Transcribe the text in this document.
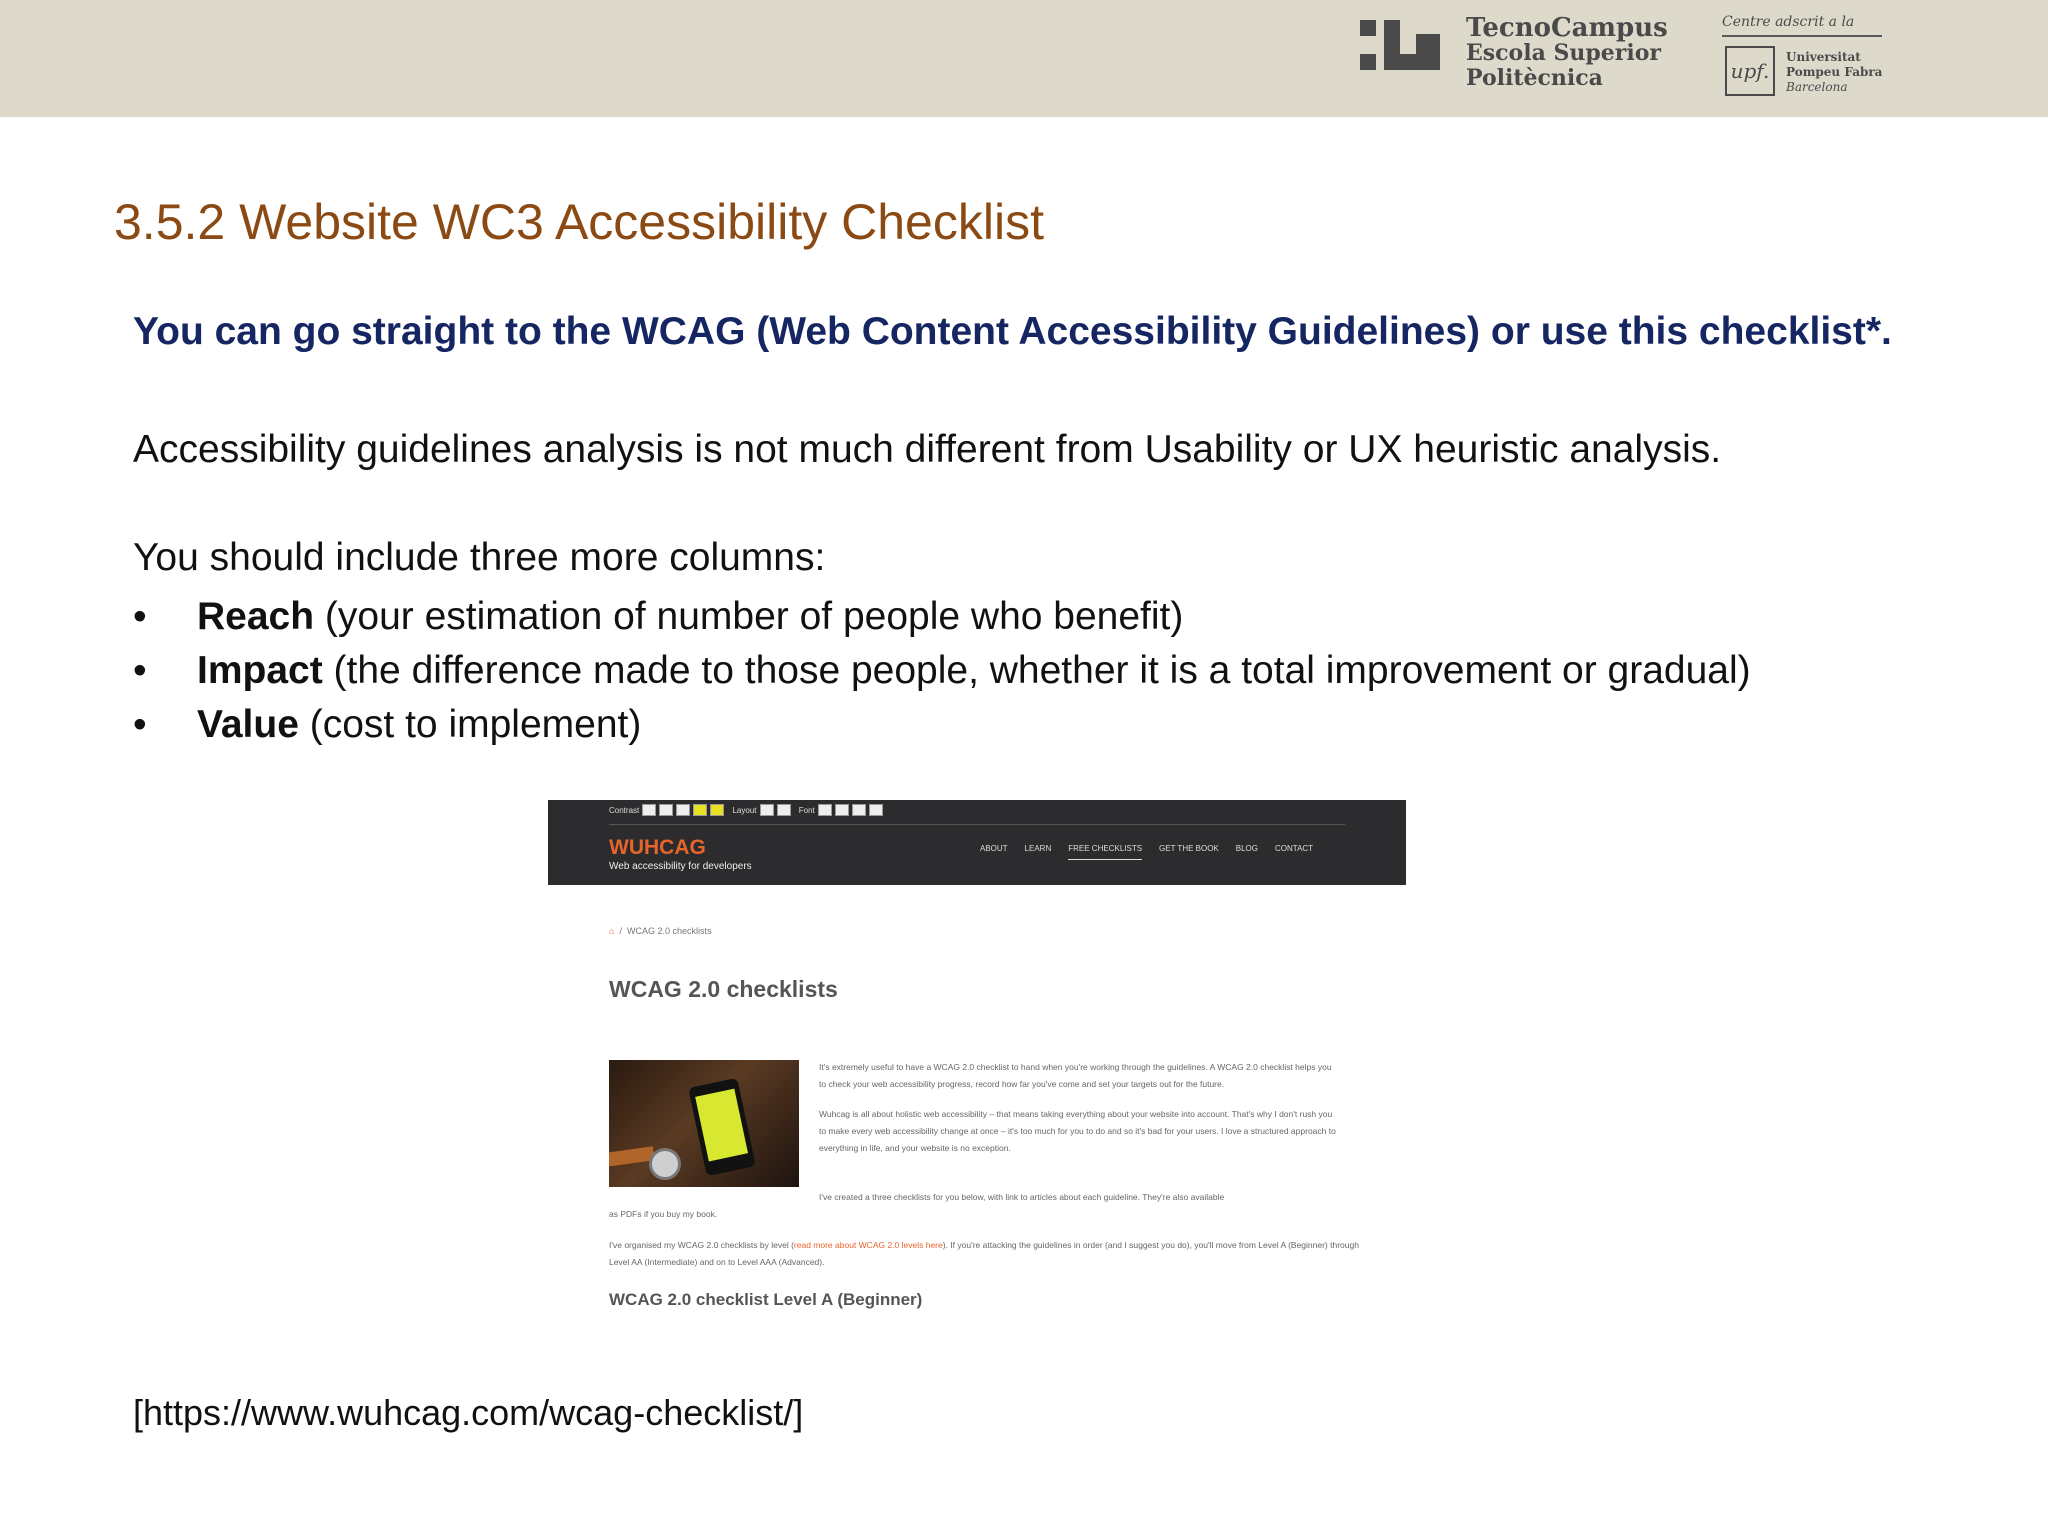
TecnoCampus
Escola Superior
Politècnica
Centre adscrit a la
upf.
Universitat
Pompeu Fabra
Barcelona
3.5.2 Website WC3 Accessibility Checklist
You can go straight to the WCAG (Web Content Accessibility Guidelines) or use this checklist*.
Accessibility guidelines analysis is not much different from Usability or UX heuristic analysis.
You should include three more columns:
• Reach (your estimation of number of people who benefit)
• Impact (the difference made to those people, whether it is a total improvement or gradual)
• Value (cost to implement)
Contrast
	Layout
	Font
WUHCAG
Web accessibility for developers
ABOUT LEARN FREE CHECKLISTS GET THE BOOK BLOG CONTACT
⌂ / WCAG 2.0 checklists
WCAG 2.0 checklists
It's extremely useful to have a WCAG 2.0 checklist to hand when you're working through the guidelines. A WCAG 2.0 checklist helps you to check your web accessibility progress, record how far you've come and set your targets out for the future.
Wuhcag is all about holistic web accessibility – that means taking everything about your website into account. That's why I don't rush you to make every web accessibility change at once – it's too much for you to do and so it's bad for your users. I love a structured approach to everything in life, and your website is no exception.
I've created a three checklists for you below, with link to articles about each guideline. They're also available
as PDFs if you buy my book.
I've organised my WCAG 2.0 checklists by level (read more about WCAG 2.0 levels here). If you're attacking the guidelines in order (and I suggest you do), you'll move from Level A (Beginner) through Level AA (Intermediate) and on to Level AAA (Advanced).
WCAG 2.0 checklist Level A (Beginner)
[https://www.wuhcag.com/wcag-checklist/]
